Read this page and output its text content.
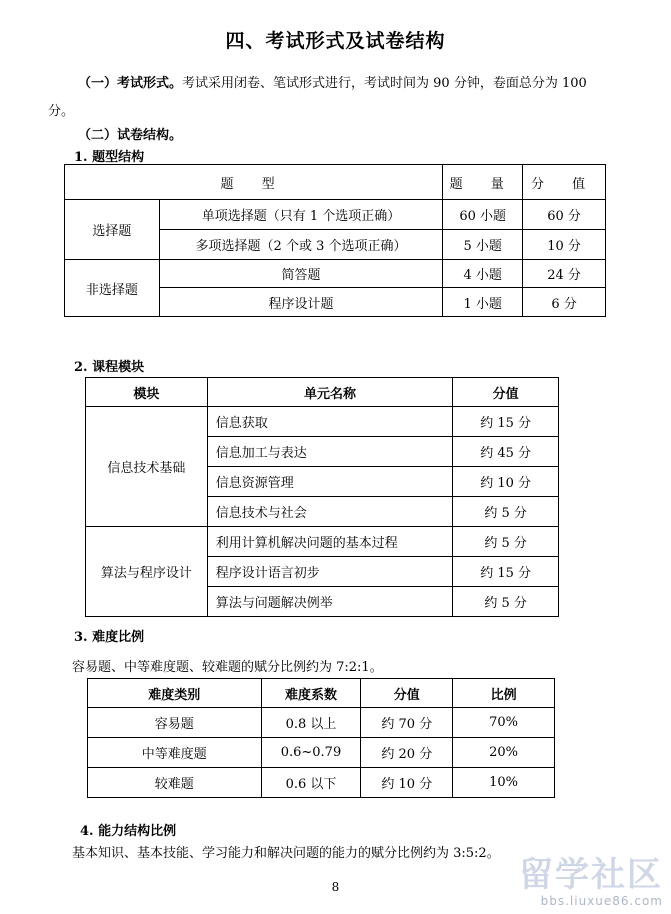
四、考试形式及试卷结构
（一）考试形式。考试采用闭卷、笔试形式进行，考试时间为 90 分钟，卷面总分为 100
分。
（二）试卷结构。
1. 题型结构
题 型		题 量	分 值
选择题	单项选择题（只有 1 个选项正确）	60 小题	60 分
	多项选择题（2 个或 3 个选项正确）	5 小题	10 分
非选择题	简答题	4 小题	24 分
	程序设计题	1 小题	6 分
2. 课程模块
模块	单元名称	分值
信息技术基础	信息获取	约 15 分
	信息加工与表达	约 45 分
	信息资源管理	约 10 分
	信息技术与社会	约 5 分
算法与程序设计	利用计算机解决问题的基本过程	约 5 分
	程序设计语言初步	约 15 分
	算法与问题解决例举	约 5 分
3. 难度比例
容易题、中等难度题、较难题的赋分比例约为 7:2:1。
难度类别	难度系数	分值	比例
容易题	0.8 以上	约 70 分	70%
中等难度题	0.6~0.79	约 20 分	20%
较难题	0.6 以下	约 10 分	10%
4. 能力结构比例
基本知识、基本技能、学习能力和解决问题的能力的赋分比例约为 3:5:2。
8	留学社区
bbs.liuxue86.com
